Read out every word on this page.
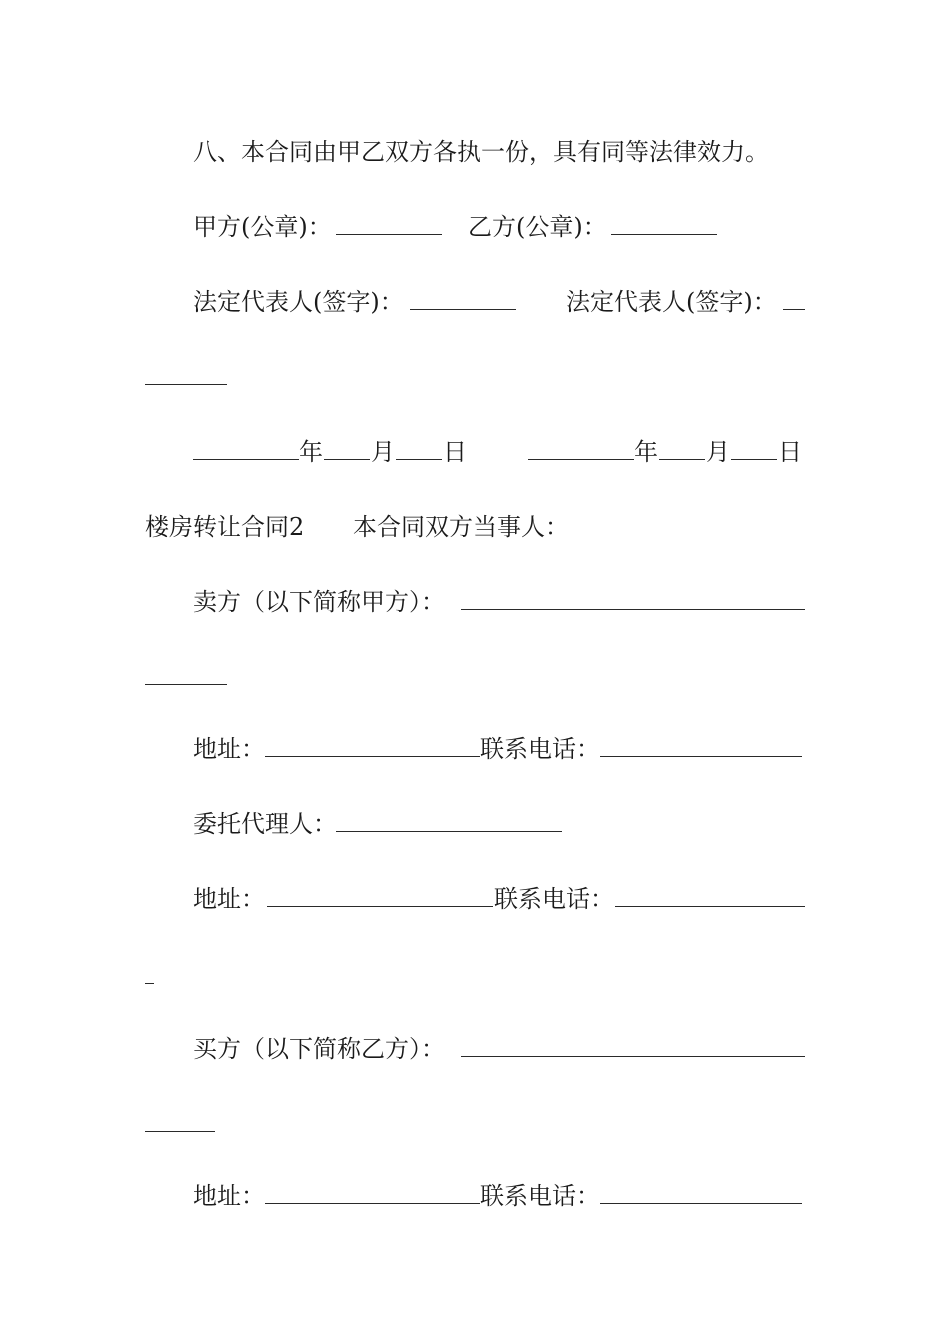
八、本合同由甲乙双方各执一份，具有同等法律效力。
甲方(公章)：	乙方(公章)：
法定代表人(签字)：	法定代表人(签字)：
年 月 日	年 月 日
楼房转让合同2 本合同双方当事人：
卖方（以下简称甲方）：
地址：	联系电话：
委托代理人：
地址：	联系电话：
买方（以下简称乙方）：
地址：	联系电话：
